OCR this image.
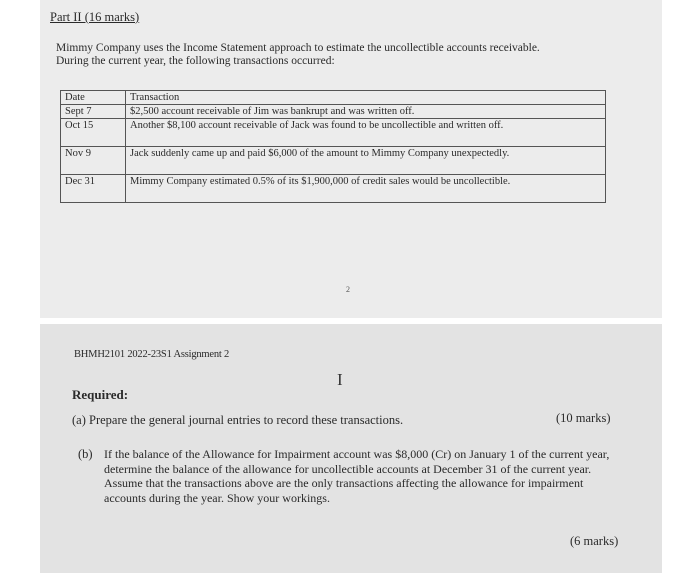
Part II (16 marks)
Mimmy Company uses the Income Statement approach to estimate the uncollectible accounts receivable. During the current year, the following transactions occurred:
Date	Transaction
Sept 7	$2,500 account receivable of Jim was bankrupt and was written off.
Oct 15	Another $8,100 account receivable of Jack was found to be uncollectible and written off.
Nov 9	Jack suddenly came up and paid $6,000 of the amount to Mimmy Company unexpectedly.
Dec 31	Mimmy Company estimated 0.5% of its $1,900,000 of credit sales would be uncollectible.
2
BHMH2101 2022-23S1 Assignment 2
I
Required:
(a) Prepare the general journal entries to record these transactions.	(10 marks)
(b) If the balance of the Allowance for Impairment account was $8,000 (Cr) on January 1 of the current year, determine the balance of the allowance for uncollectible accounts at December 31 of the current year. Assume that the transactions above are the only transactions affecting the allowance for impairment accounts during the year. Show your workings.
(6 marks)
